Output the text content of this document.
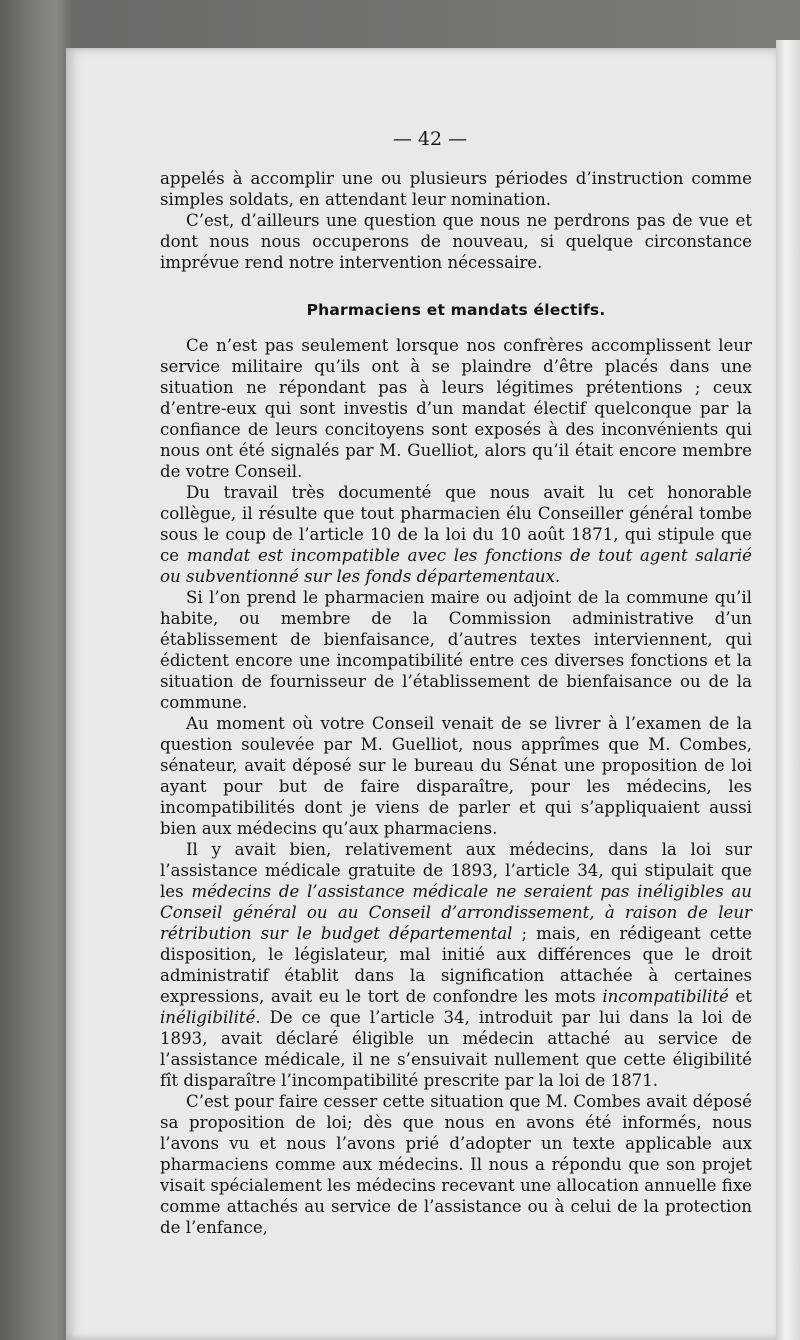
— 42 —

appelés à accomplir une ou plusieurs périodes d’instruction comme simples soldats, en attendant leur nomination.

C’est, d’ailleurs une question que nous ne perdrons pas de vue et dont nous nous occuperons de nouveau, si quelque circonstance imprévue rend notre intervention nécessaire.

Pharmaciens et mandats électifs.

Ce n’est pas seulement lorsque nos confrères accomplissent leur service militaire qu’ils ont à se plaindre d’être placés dans une situation ne répondant pas à leurs légitimes prétentions ; ceux d’entre-eux qui sont investis d’un mandat électif quelconque par la confiance de leurs concitoyens sont exposés à des inconvénients qui nous ont été signalés par M. Guelliot, alors qu’il était encore membre de votre Conseil.

Du travail très documenté que nous avait lu cet honorable collègue, il résulte que tout pharmacien élu Conseiller général tombe sous le coup de l’article 10 de la loi du 10 août 1871, qui stipule que ce mandat est incompatible avec les fonctions de tout agent salarié ou subventionné sur les fonds départementaux.

Si l’on prend le pharmacien maire ou adjoint de la commune qu’il habite, ou membre de la Commission administrative d’un établissement de bienfaisance, d’autres textes interviennent, qui édictent encore une incompatibilité entre ces diverses fonctions et la situation de fournisseur de l’établissement de bienfaisance ou de la commune.

Au moment où votre Conseil venait de se livrer à l’examen de la question soulevée par M. Guelliot, nous apprîmes que M. Combes, sénateur, avait déposé sur le bureau du Sénat une proposition de loi ayant pour but de faire disparaître, pour les médecins, les incompatibilités dont je viens de parler et qui s’appliquaient aussi bien aux médecins qu’aux pharmaciens.

Il y avait bien, relativement aux médecins, dans la loi sur l’assistance médicale gratuite de 1893, l’article 34, qui stipulait que les médecins de l’assistance médicale ne seraient pas inéligibles au Conseil général ou au Conseil d’arrondissement, à raison de leur rétribution sur le budget départemental ; mais, en rédigeant cette disposition, le législateur, mal initié aux différences que le droit administratif établit dans la signification attachée à certaines expressions, avait eu le tort de confondre les mots incompatibilité et inéligibilité. De ce que l’article 34, introduit par lui dans la loi de 1893, avait déclaré éligible un médecin attaché au service de l’assistance médicale, il ne s’ensuivait nullement que cette éligibilité fît disparaître l’incompatibilité prescrite par la loi de 1871.

C’est pour faire cesser cette situation que M. Combes avait déposé sa proposition de loi; dès que nous en avons été informés, nous l’avons vu et nous l’avons prié d’adopter un texte applicable aux pharmaciens comme aux médecins. Il nous a répondu que son projet visait spécialement les médecins recevant une allocation annuelle fixe comme attachés au service de l’assistance ou à celui de la protection de l’enfance,
